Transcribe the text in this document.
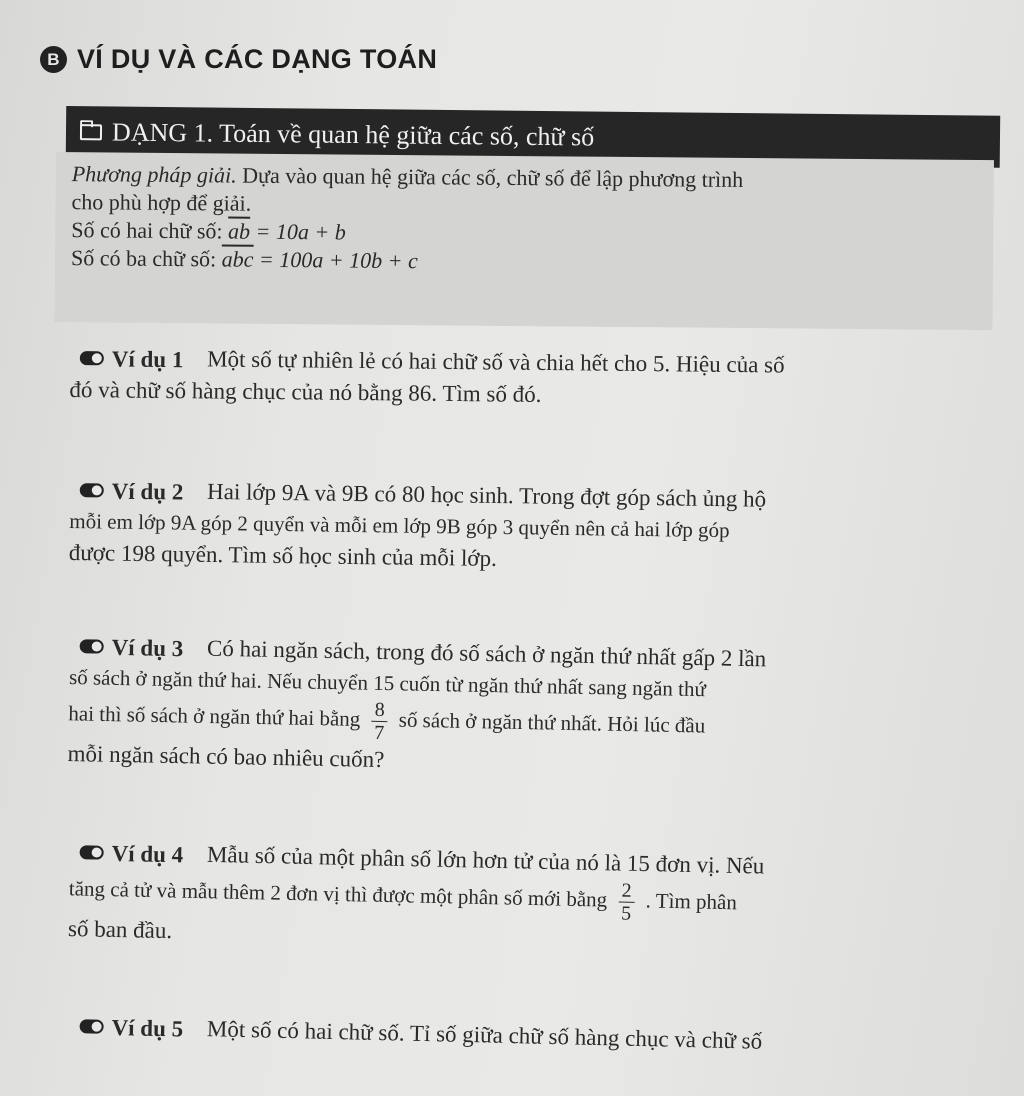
B VÍ DỤ VÀ CÁC DẠNG TOÁN
DẠNG 1. Toán về quan hệ giữa các số, chữ số
Phương pháp giải. Dựa vào quan hệ giữa các số, chữ số để lập phương trình
cho phù hợp để giải.
Số có hai chữ số: $\overline{ab} = 10a + b$
Số có ba chữ số: $\overline{abc} = 100a + 10b + c$
Ví dụ 1 Một số tự nhiên lẻ có hai chữ số và chia hết cho 5. Hiệu của số
đó và chữ số hàng chục của nó bằng 86. Tìm số đó.
Ví dụ 2 Hai lớp 9A và 9B có 80 học sinh. Trong đợt góp sách ủng hộ
mỗi em lớp 9A góp 2 quyển và mỗi em lớp 9B góp 3 quyển nên cả hai lớp góp
được 198 quyển. Tìm số học sinh của mỗi lớp.
Ví dụ 3 Có hai ngăn sách, trong đó số sách ở ngăn thứ nhất gấp 2 lần
số sách ở ngăn thứ hai. Nếu chuyển 15 cuốn từ ngăn thứ nhất sang ngăn thứ
hai thì số sách ở ngăn thứ hai bằng $\frac{8}{7}$ số sách ở ngăn thứ nhất. Hỏi lúc đầu
mỗi ngăn sách có bao nhiêu cuốn?
Ví dụ 4 Mẫu số của một phân số lớn hơn tử của nó là 15 đơn vị. Nếu
tăng cả tử và mẫu thêm 2 đơn vị thì được một phân số mới bằng $\frac{2}{5}$ . Tìm phân
số ban đầu.
Ví dụ 5 Một số có hai chữ số. Tỉ số giữa chữ số hàng chục và chữ số
